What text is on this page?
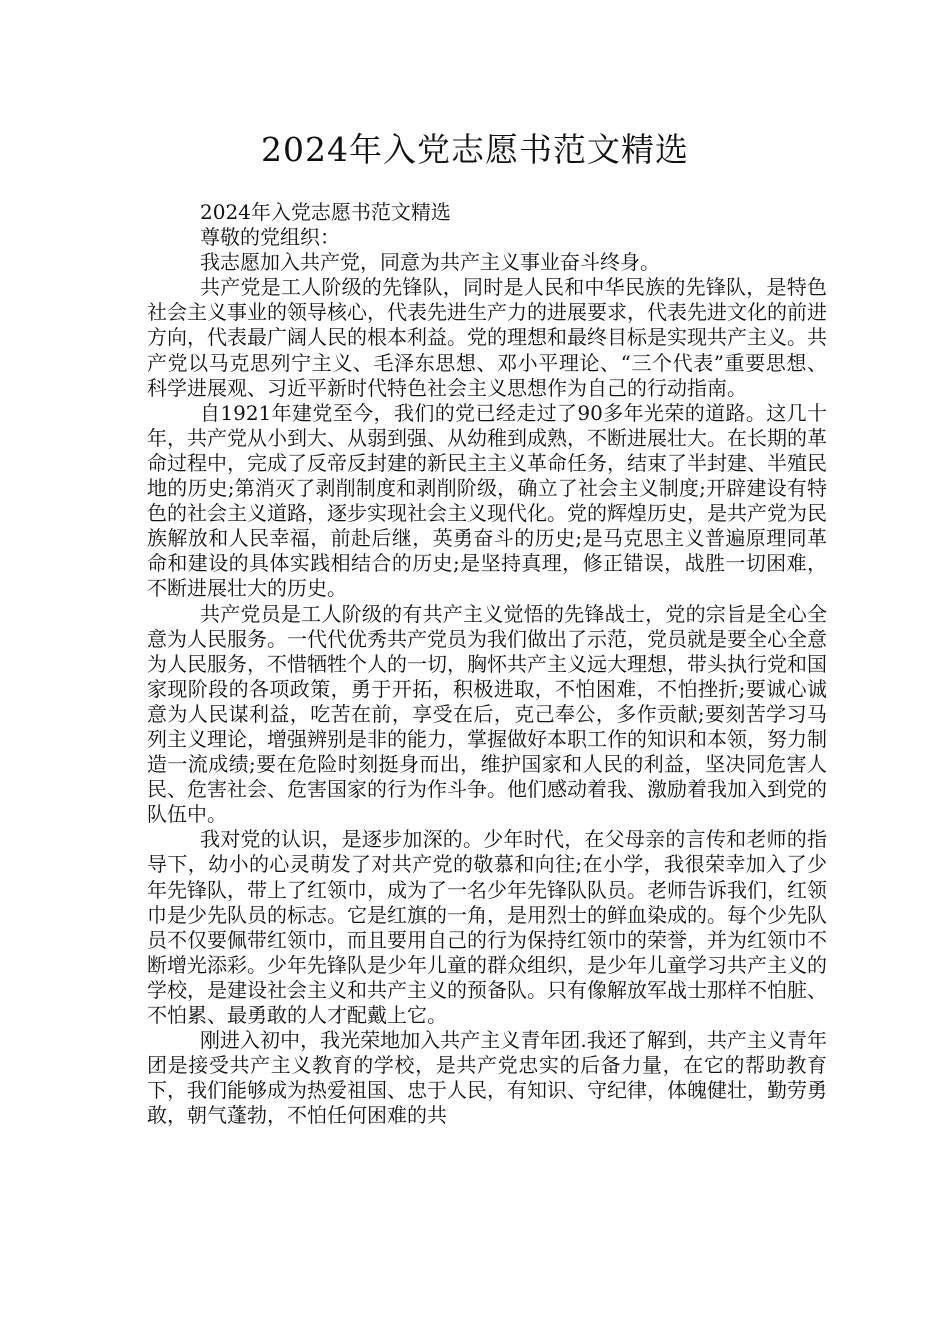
2024年入党志愿书范文精选

2024年入党志愿书范文精选

尊敬的党组织：

我志愿加入共产党，同意为共产主义事业奋斗终身。

共产党是工人阶级的先锋队，同时是人民和中华民族的先锋队，是特色社会主义事业的领导核心，代表先进生产力的进展要求，代表先进文化的前进方向，代表最广阔人民的根本利益。党的理想和最终目标是实现共产主义。共产党以马克思列宁主义、毛泽东思想、邓小平理论、“三个代表”重要思想、科学进展观、习近平新时代特色社会主义思想作为自己的行动指南。

自1921年建党至今，我们的党已经走过了90多年光荣的道路。这几十年，共产党从小到大、从弱到强、从幼稚到成熟，不断进展壮大。在长期的革命过程中，完成了反帝反封建的新民主主义革命任务，结束了半封建、半殖民地的历史;第消灭了剥削制度和剥削阶级，确立了社会主义制度;开辟建设有特色的社会主义道路，逐步实现社会主义现代化。党的辉煌历史，是共产党为民族解放和人民幸福，前赴后继，英勇奋斗的历史;是马克思主义普遍原理同革命和建设的具体实践相结合的历史;是坚持真理，修正错误，战胜一切困难，不断进展壮大的历史。

共产党员是工人阶级的有共产主义觉悟的先锋战士，党的宗旨是全心全意为人民服务。一代代优秀共产党员为我们做出了示范，党员就是要全心全意为人民服务，不惜牺牲个人的一切，胸怀共产主义远大理想，带头执行党和国家现阶段的各项政策，勇于开拓，积极进取，不怕困难，不怕挫折;要诚心诚意为人民谋利益，吃苦在前，享受在后，克己奉公，多作贡献;要刻苦学习马列主义理论，增强辨别是非的能力，掌握做好本职工作的知识和本领，努力制造一流成绩;要在危险时刻挺身而出，维护国家和人民的利益，坚决同危害人民、危害社会、危害国家的行为作斗争。他们感动着我、激励着我加入到党的队伍中。

我对党的认识，是逐步加深的。少年时代，在父母亲的言传和老师的指导下，幼小的心灵萌发了对共产党的敬慕和向往;在小学，我很荣幸加入了少年先锋队，带上了红领巾，成为了一名少年先锋队队员。老师告诉我们，红领巾是少先队员的标志。它是红旗的一角，是用烈士的鲜血染成的。每个少先队员不仅要佩带红领巾，而且要用自己的行为保持红领巾的荣誉，并为红领巾不断增光添彩。少年先锋队是少年儿童的群众组织，是少年儿童学习共产主义的学校，是建设社会主义和共产主义的预备队。只有像解放军战士那样不怕脏、不怕累、最勇敢的人才配戴上它。

刚进入初中，我光荣地加入共产主义青年团.我还了解到，共产主义青年团是接受共产主义教育的学校，是共产党忠实的后备力量，在它的帮助教育下，我们能够成为热爱祖国、忠于人民，有知识、守纪律，体魄健壮，勤劳勇敢，朝气蓬勃，不怕任何困难的共
